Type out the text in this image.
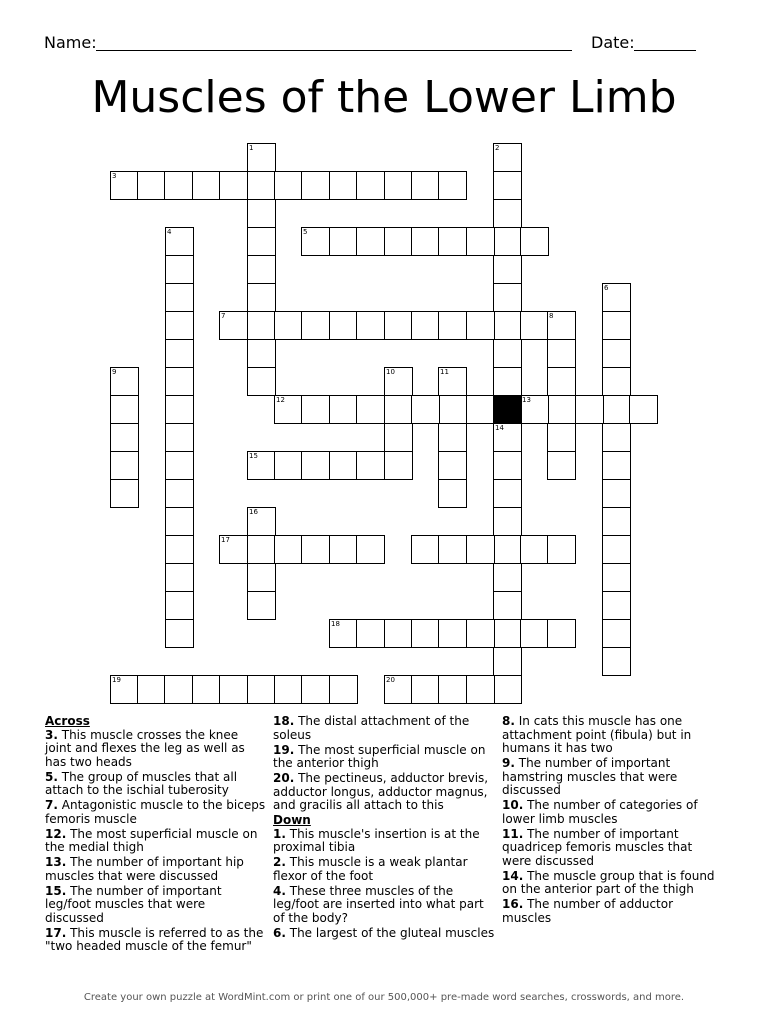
Name:	Date:
Muscles of the Lower Limb
1	2
3
4	5
6
7	8
9	10	11
12	13
14
15
16
17
18
19	20
Across
3. This muscle crosses the knee joint and flexes the leg as well as has two heads
5. The group of muscles that all attach to the ischial tuberosity
7. Antagonistic muscle to the biceps femoris muscle
12. The most superficial muscle on the medial thigh
13. The number of important hip muscles that were discussed
15. The number of important leg/foot muscles that were discussed
17. This muscle is referred to as the "two headed muscle of the femur"
18. The distal attachment of the soleus
19. The most superficial muscle on the anterior thigh
20. The pectineus, adductor brevis, adductor longus, adductor magnus, and gracilis all attach to this
Down
1. This muscle's insertion is at the proximal tibia
2. This muscle is a weak plantar flexor of the foot
4. These three muscles of the leg/foot are inserted into what part of the body?
6. The largest of the gluteal muscles
8. In cats this muscle has one attachment point (fibula) but in humans it has two
9. The number of important hamstring muscles that were discussed
10. The number of categories of lower limb muscles
11. The number of important quadricep femoris muscles that were discussed
14. The muscle group that is found on the anterior part of the thigh
16. The number of adductor muscles
Create your own puzzle at WordMint.com or print one of our 500,000+ pre-made word searches, crosswords, and more.
